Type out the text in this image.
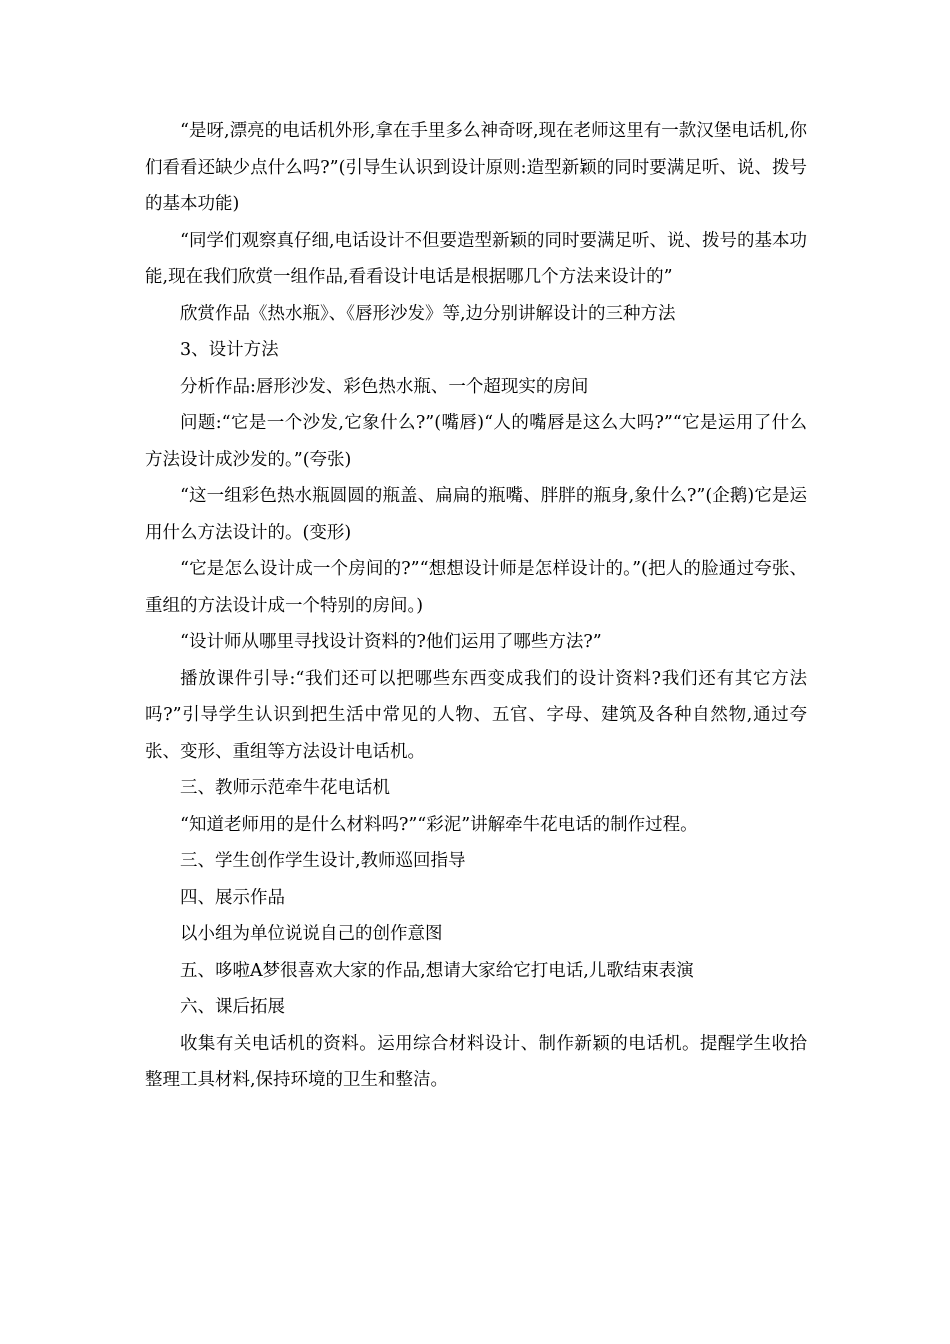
“是呀,漂亮的电话机外形,拿在手里多么神奇呀,现在老师这里有一款汉堡电话机,你们看看还缺少点什么吗?”(引导生认识到设计原则:造型新颖的同时要满足听、说、拨号的基本功能)

“同学们观察真仔细,电话设计不但要造型新颖的同时要满足听、说、拨号的基本功能,现在我们欣赏一组作品,看看设计电话是根据哪几个方法来设计的”

欣赏作品《热水瓶》、《唇形沙发》等,边分别讲解设计的三种方法

3、设计方法

分析作品:唇形沙发、彩色热水瓶、一个超现实的房间

问题:“它是一个沙发,它象什么?”(嘴唇)“人的嘴唇是这么大吗?”“它是运用了什么方法设计成沙发的。”(夸张)

“这一组彩色热水瓶圆圆的瓶盖、扁扁的瓶嘴、胖胖的瓶身,象什么?”(企鹅)它是运用什么方法设计的。(变形)

“它是怎么设计成一个房间的?”“想想设计师是怎样设计的。”(把人的脸通过夸张、重组的方法设计成一个特别的房间。)

“设计师从哪里寻找设计资料的?他们运用了哪些方法?”

播放课件引导:“我们还可以把哪些东西变成我们的设计资料?我们还有其它方法吗?”引导学生认识到把生活中常见的人物、五官、字母、建筑及各种自然物,通过夸张、变形、重组等方法设计电话机。

三、教师示范牵牛花电话机

“知道老师用的是什么材料吗?”“彩泥”讲解牵牛花电话的制作过程。

三、学生创作学生设计,教师巡回指导

四、展示作品

以小组为单位说说自己的创作意图

五、哆啦A梦很喜欢大家的作品,想请大家给它打电话,儿歌结束表演

六、课后拓展

收集有关电话机的资料。运用综合材料设计、制作新颖的电话机。提醒学生收拾整理工具材料,保持环境的卫生和整洁。
